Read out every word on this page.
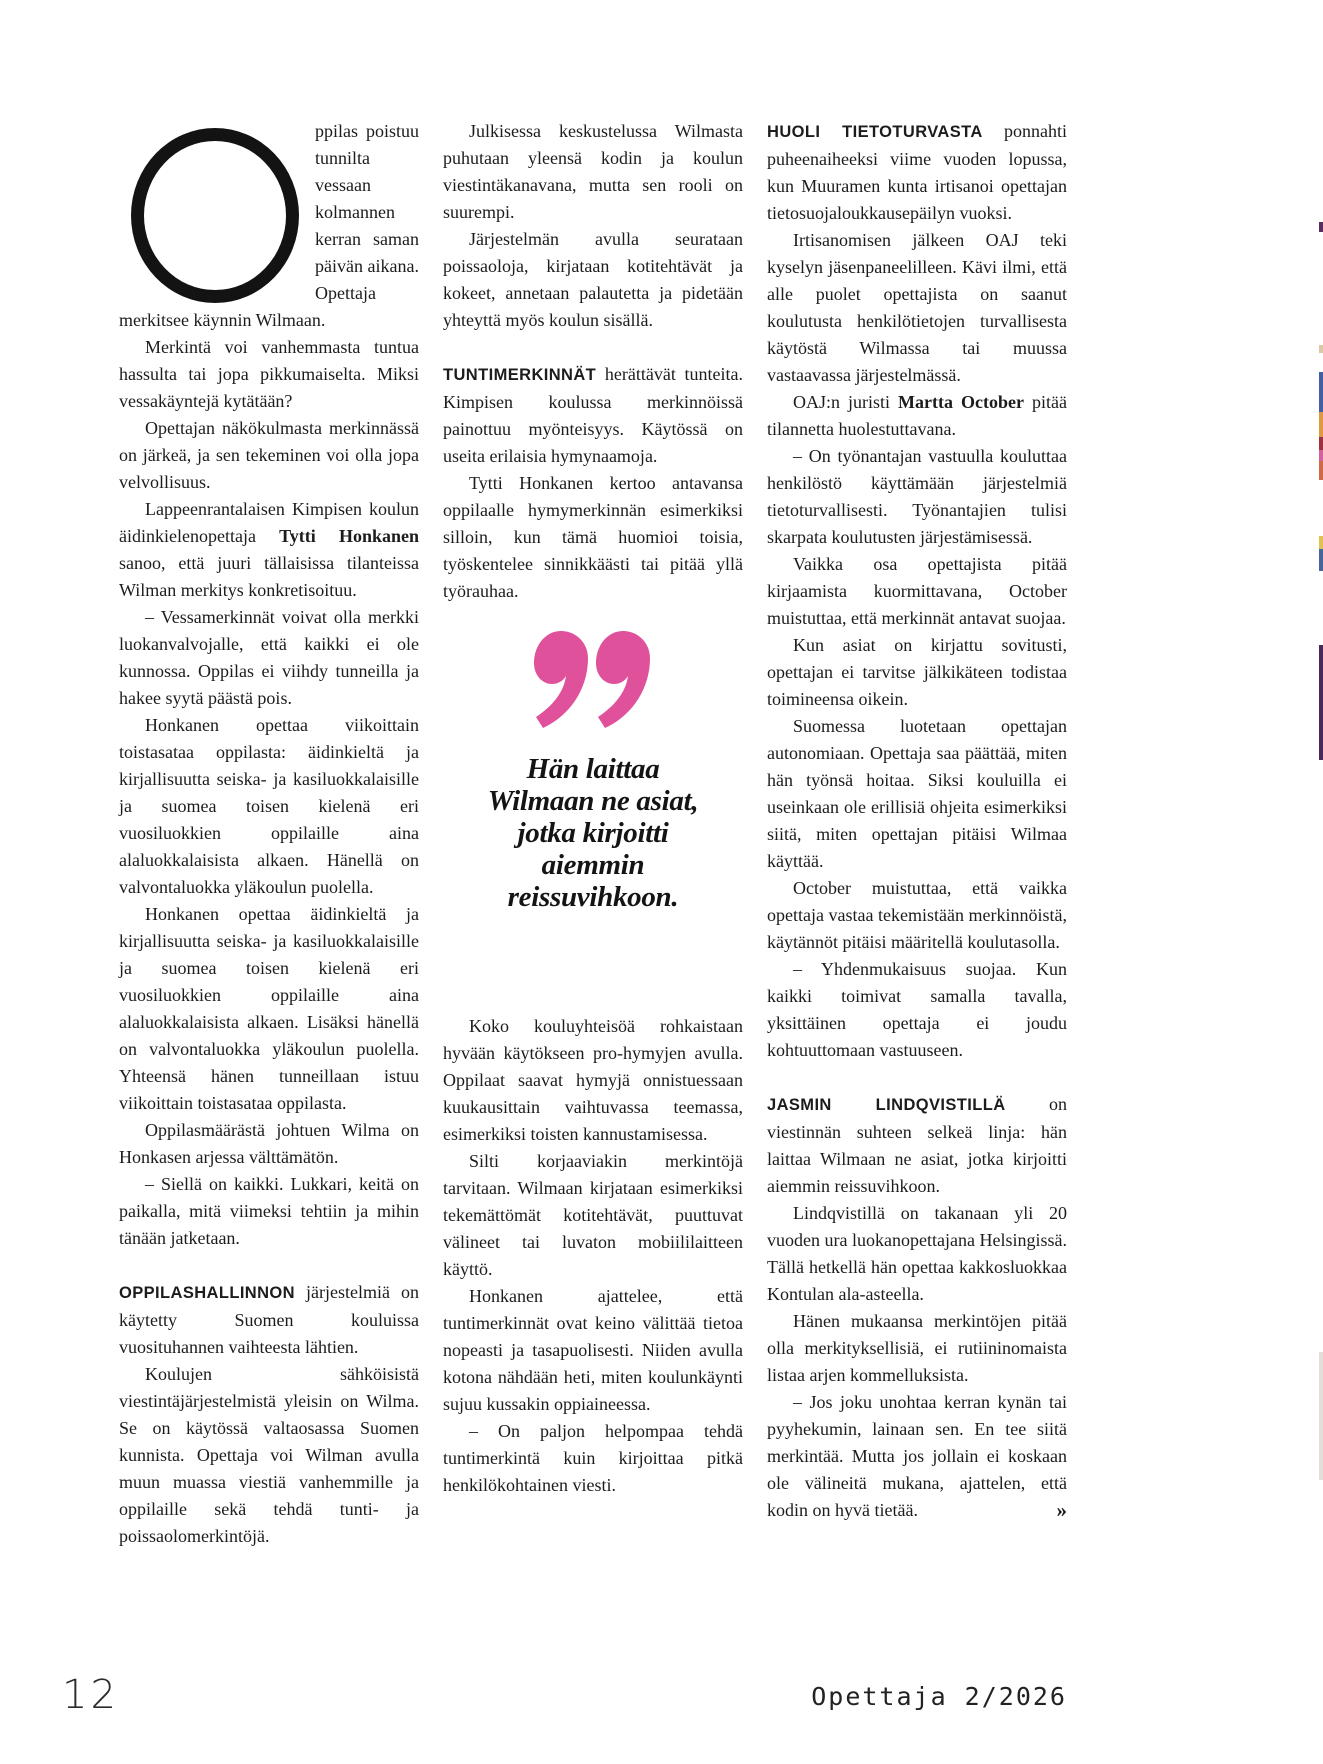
ppilas poistuu tunnilta vessaan kolmannen kerran saman päivän aikana. Opettaja merkitsee käynnin Wilmaan.

Merkintä voi vanhemmasta tuntua hassulta tai jopa pikkumaiselta. Miksi vessakäyntejä kytätään?

Opettajan näkökulmasta merkinnässä on järkeä, ja sen tekeminen voi olla jopa velvollisuus.

Lappeenrantalaisen Kimpisen koulun äidinkielenopettaja Tytti Honkanen sanoo, että juuri tällaisissa tilanteissa Wilman merkitys konkretisoituu.

– Vessamerkinnät voivat olla merkki luokanvalvojalle, että kaikki ei ole kunnossa. Oppilas ei viihdy tunneilla ja hakee syytä päästä pois.

Honkanen opettaa viikoittain toistasataa oppilasta: äidinkieltä ja kirjallisuutta seiska- ja kasiluokkalaisille ja suomea toisen kielenä eri vuosiluokkien oppilaille aina alaluokkalaisista alkaen. Hänellä on valvontaluokka yläkoulun puolella.

Honkanen opettaa äidinkieltä ja kirjallisuutta seiska- ja kasiluokkalaisille ja suomea toisen kielenä eri vuosiluokkien oppilaille aina alaluokkalaisista alkaen. Lisäksi hänellä on valvontaluokka yläkoulun puolella. Yhteensä hänen tunneillaan istuu viikoittain toistasataa oppilasta.

Oppilasmäärästä johtuen Wilma on Honkasen arjessa välttämätön.

– Siellä on kaikki. Lukkari, keitä on paikalla, mitä viimeksi tehtiin ja mihin tänään jatketaan.

OPPILASHALLINNON järjestelmiä on käytetty Suomen kouluissa vuosituhannen vaihteesta lähtien.

Koulujen sähköisistä viestintäjärjestelmistä yleisin on Wilma. Se on käytössä valtaosassa Suomen kunnista. Opettaja voi Wilman avulla muun muassa viestiä vanhemmille ja oppilaille sekä tehdä tunti- ja poissaolomerkintöjä.

Julkisessa keskustelussa Wilmasta puhutaan yleensä kodin ja koulun viestintäkanavana, mutta sen rooli on suurempi.

Järjestelmän avulla seurataan poissaoloja, kirjataan kotitehtävät ja kokeet, annetaan palautetta ja pidetään yhteyttä myös koulun sisällä.

TUNTIMERKINNÄT herättävät tunteita. Kimpisen koulussa merkinnöissä painottuu myönteisyys. Käytössä on useita erilaisia hymynaamoja.

Tytti Honkanen kertoo antavansa oppilaalle hymymerkinnän esimerkiksi silloin, kun tämä huomioi toisia, työskentelee sinnikkäästi tai pitää yllä työrauhaa.

Hän laittaa Wilmaan ne asiat, jotka kirjoitti aiemmin reissuvihkoon.

Koko kouluyhteisöä rohkaistaan hyvään käytökseen pro-hymyjen avulla. Oppilaat saavat hymyjä onnistuessaan kuukausittain vaihtuvassa teemassa, esimerkiksi toisten kannustamisessa.

Silti korjaaviakin merkintöjä tarvitaan. Wilmaan kirjataan esimerkiksi tekemättömät kotitehtävät, puuttuvat välineet tai luvaton mobiililaitteen käyttö.

Honkanen ajattelee, että tuntimerkinnät ovat keino välittää tietoa nopeasti ja tasapuolisesti. Niiden avulla kotona nähdään heti, miten koulunkäynti sujuu kussakin oppiaineessa.

– On paljon helpompaa tehdä tuntimerkintä kuin kirjoittaa pitkä henkilökohtainen viesti.

HUOLI TIETOTURVASTA ponnahti puheenaiheeksi viime vuoden lopussa, kun Muuramen kunta irtisanoi opettajan tietosuojaloukkausepäilyn vuoksi.

Irtisanomisen jälkeen OAJ teki kyselyn jäsenpaneelilleen. Kävi ilmi, että alle puolet opettajista on saanut koulutusta henkilötietojen turvallisesta käytöstä Wilmassa tai muussa vastaavassa järjestelmässä.

OAJ:n juristi Martta October pitää tilannetta huolestuttavana.

– On työnantajan vastuulla kouluttaa henkilöstö käyttämään järjestelmiä tietoturvallisesti. Työnantajien tulisi skarpata koulutusten järjestämisessä.

Vaikka osa opettajista pitää kirjaamista kuormittavana, October muistuttaa, että merkinnät antavat suojaa.

Kun asiat on kirjattu sovitusti, opettajan ei tarvitse jälkikäteen todistaa toimineensa oikein.

Suomessa luotetaan opettajan autonomiaan. Opettaja saa päättää, miten hän työnsä hoitaa. Siksi kouluilla ei useinkaan ole erillisiä ohjeita esimerkiksi siitä, miten opettajan pitäisi Wilmaa käyttää.

October muistuttaa, että vaikka opettaja vastaa tekemistään merkinnöistä, käytännöt pitäisi määritellä koulutasolla.

– Yhdenmukaisuus suojaa. Kun kaikki toimivat samalla tavalla, yksittäinen opettaja ei joudu kohtuuttomaan vastuuseen.

JASMIN LINDQVISTILLÄ on viestinnän suhteen selkeä linja: hän laittaa Wilmaan ne asiat, jotka kirjoitti aiemmin reissuvihkoon.

Lindqvistillä on takanaan yli 20 vuoden ura luokanopettajana Helsingissä. Tällä hetkellä hän opettaa kakkosluokkaa Kontulan ala-asteella.

Hänen mukaansa merkintöjen pitää olla merkityksellisiä, ei rutiininomaista listaa arjen kommelluksista.

– Jos joku unohtaa kerran kynän tai pyyhekumin, lainaan sen. En tee siitä merkintää. Mutta jos jollain ei koskaan ole välineitä mukana, ajattelen, että kodin on hyvä tietää.	»

12	Opettaja 2/2026
